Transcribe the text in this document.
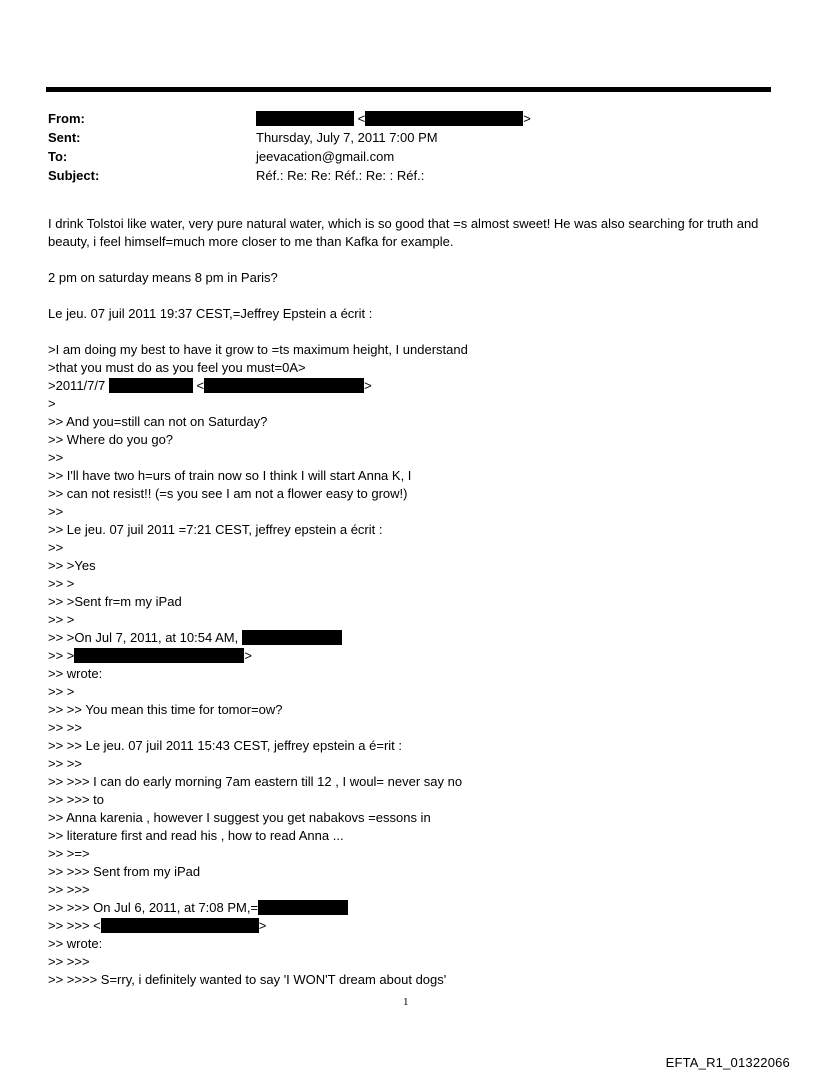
From:	<	>
Sent:	Thursday, July 7, 2011 7:00 PM
To:	jeevacation@gmail.com
Subject:	Réf.: Re: Re: Réf.: Re: : Réf.:

I drink Tolstoi like water, very pure natural water, which is so good that =s almost sweet! He was also searching for truth and beauty, i feel himself=much more closer to me than Kafka for example.

2 pm on saturday means 8 pm in Paris?

Le jeu. 07 juil 2011 19:37 CEST,=Jeffrey Epstein a écrit :

>I am doing my best to have it grow to =ts maximum height, I understand
>that you must do as you feel you must=0A>
>2011/7/7	<	>
>
>> And you=still can not on Saturday?
>> Where do you go?
>>
>> I'll have two h=urs of train now so I think I will start Anna K, I
>> can not resist!! (=s you see I am not a flower easy to grow!)
>>
>> Le jeu. 07 juil 2011 =7:21 CEST, jeffrey epstein a écrit :
>>
>> >Yes
>> >
>> >Sent fr=m my iPad
>> >
>> >On Jul 7, 2011, at 10:54 AM,
>> >	>
>> wrote:
>> >
>> >> You mean this time for tomor=ow?
>> >>
>> >> Le jeu. 07 juil 2011 15:43 CEST, jeffrey epstein a é=rit :
>> >>
>> >>> I can do early morning 7am eastern till 12 , I woul= never say no
>> >>> to
>> Anna karenia , however I suggest you get nabakovs =essons in
>> literature first and read his , how to read Anna ...
>> >=>
>> >>> Sent from my iPad
>> >>>
>> >>> On Jul 6, 2011, at 7:08 PM,=
>> >>> <	>
>> wrote:
>> >>>
>> >>>> S=rry, i definitely wanted to say 'I WON'T dream about dogs'
1
EFTA_R1_01322066
